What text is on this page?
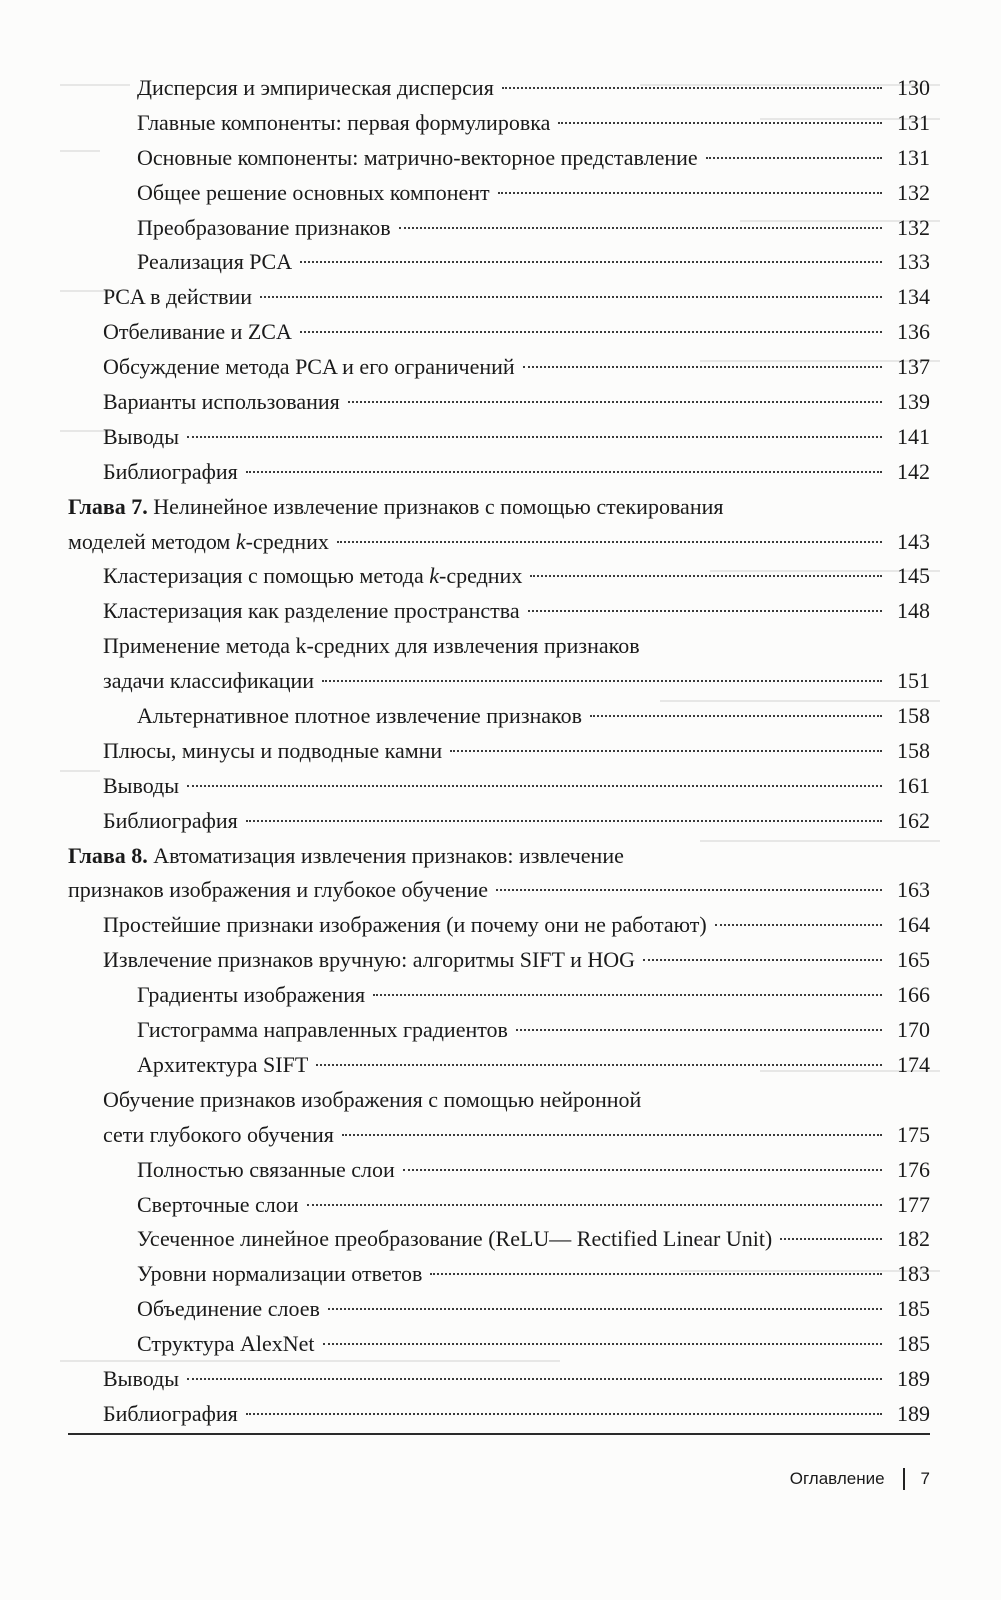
Дисперсия и эмпирическая дисперсия	130
Главные компоненты: первая формулировка	131
Основные компоненты: матрично-векторное представление	131
Общее решение основных компонент	132
Преобразование признаков	132
Реализация PCA	133
PCA в действии	134
Отбеливание и ZCA	136
Обсуждение метода PCA и его ограничений	137
Варианты использования	139
Выводы	141
Библиография	142
Глава 7. Нелинейное извлечение признаков с помощью стекирования
моделей методом k-средних	143
Кластеризация с помощью метода k-средних	145
Кластеризация как разделение пространства	148
Применение метода k-средних для извлечения признаков
задачи классификации	151
Альтернативное плотное извлечение признаков	158
Плюсы, минусы и подводные камни	158
Выводы	161
Библиография	162
Глава 8. Автоматизация извлечения признаков: извлечение
признаков изображения и глубокое обучение	163
Простейшие признаки изображения (и почему они не работают)	164
Извлечение признаков вручную: алгоритмы SIFT и HOG	165
Градиенты изображения	166
Гистограмма направленных градиентов	170
Архитектура SIFT	174
Обучение признаков изображения с помощью нейронной
сети глубокого обучения	175
Полностью связанные слои	176
Сверточные слои	177
Усеченное линейное преобразование (ReLU— Rectified Linear Unit)	182
Уровни нормализации ответов	183
Объединение слоев	185
Структура AlexNet	185
Выводы	189
Библиография	189
Оглавление 7
